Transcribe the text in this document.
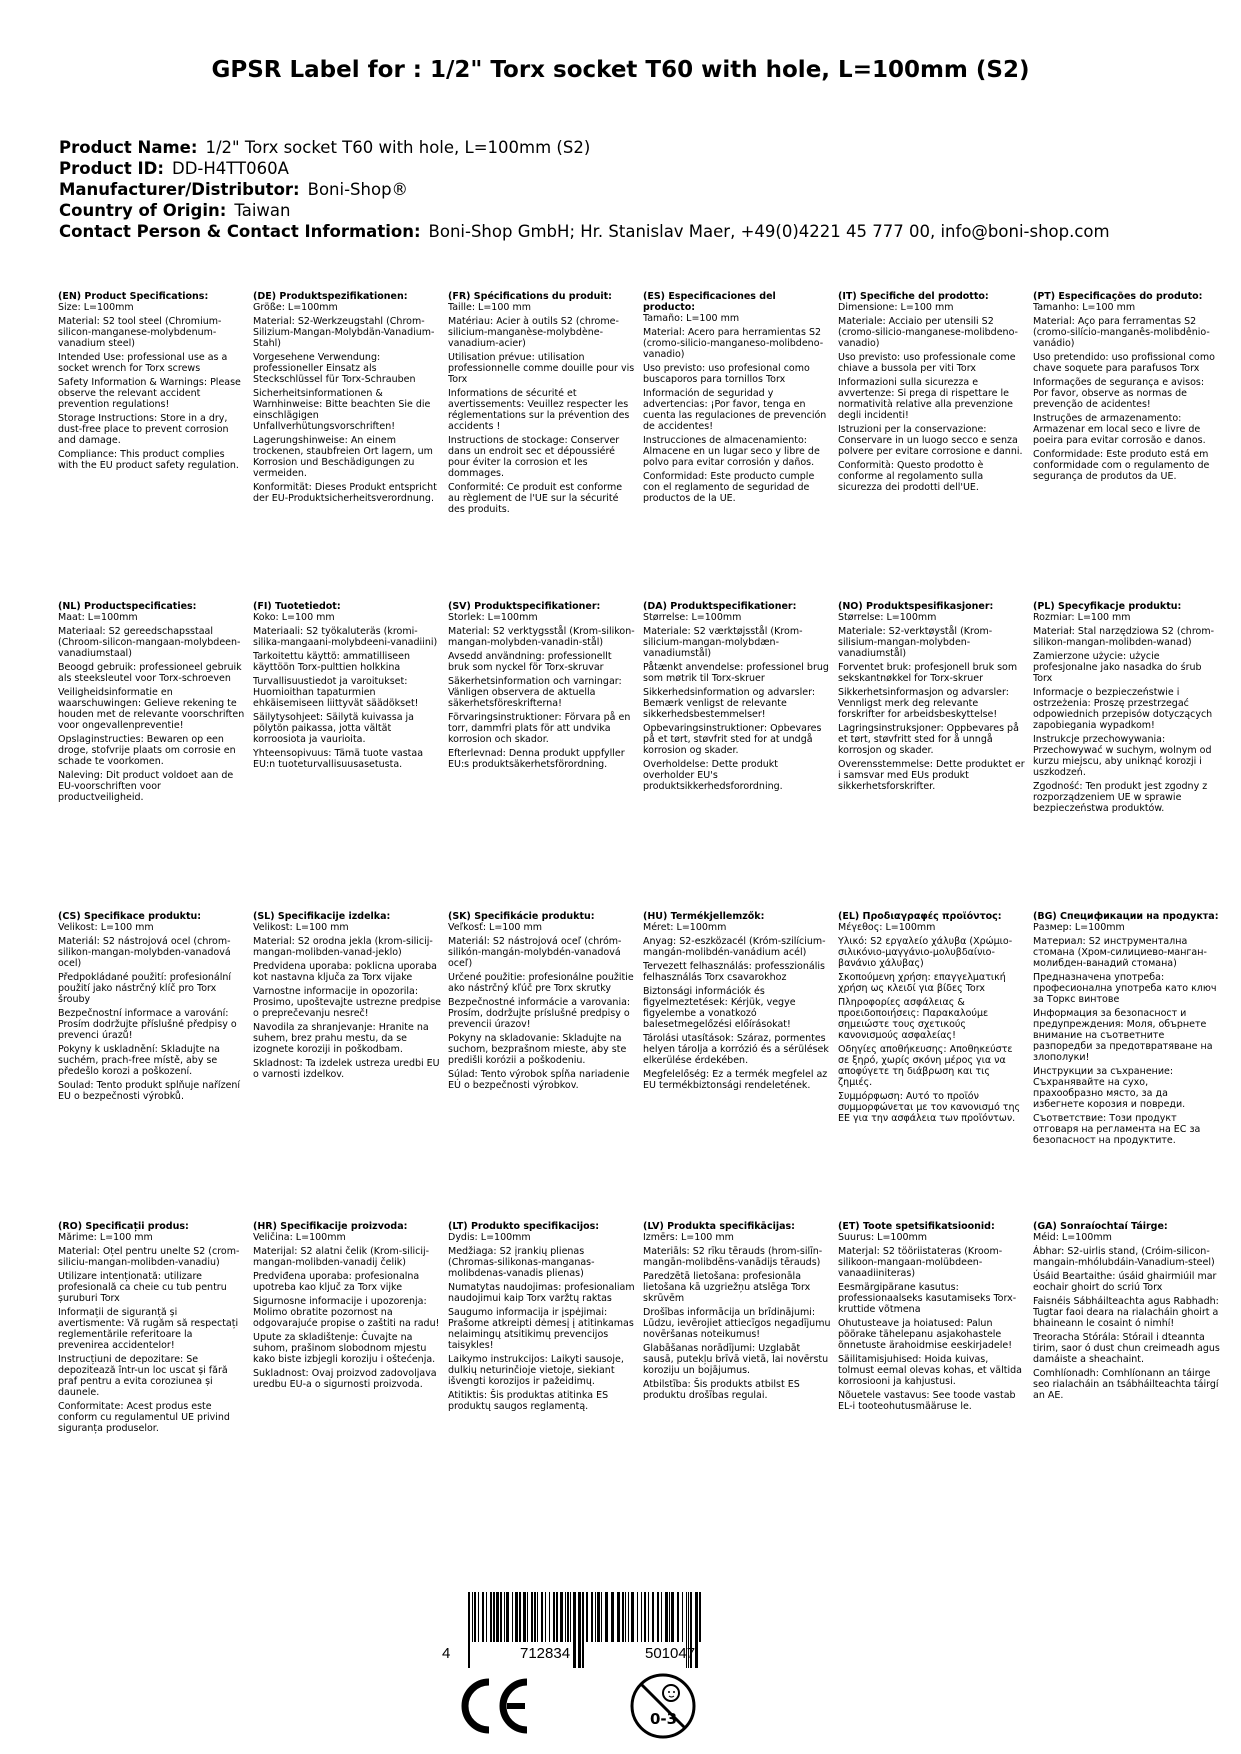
GPSR Label for : 1/2" Torx socket T60 with hole, L=100mm (S2)
Product Name: 1/2" Torx socket T60 with hole, L=100mm (S2)
Product ID: DD-H4TT060A
Manufacturer/Distributor: Boni-Shop®
Country of Origin: Taiwan
Contact Person & Contact Information: Boni-Shop GmbH; Hr. Stanislav Maer, +49(0)4221 45 777 00, info@boni-shop.com
(EN) Product Specifications:
Size: L=100mm
Material: S2 tool steel (Chromium-silicon-manganese-molybdenum-vanadium steel)
Intended Use: professional use as a socket wrench for Torx screws
Safety Information & Warnings: Please observe the relevant accident prevention regulations!
Storage Instructions: Store in a dry, dust-free place to prevent corrosion and damage.
Compliance: This product complies with the EU product safety regulation.
(DE) Produktspezifikationen:
Größe: L=100mm
Material: S2-Werkzeugstahl (Chrom-Silizium-Mangan-Molybdän-Vanadium-Stahl)
Vorgesehene Verwendung: professioneller Einsatz als Steckschlüssel für Torx-Schrauben
Sicherheitsinformationen & Warnhinweise: Bitte beachten Sie die einschlägigen Unfallverhütungsvorschriften!
Lagerungshinweise: An einem trockenen, staubfreien Ort lagern, um Korrosion und Beschädigungen zu vermeiden.
Konformität: Dieses Produkt entspricht der EU-Produktsicherheitsverordnung.
(FR) Spécifications du produit:
Taille: L=100 mm
Matériau: Acier à outils S2 (chrome-silicium-manganèse-molybdène-vanadium-acier)
Utilisation prévue: utilisation professionnelle comme douille pour vis Torx
Informations de sécurité et avertissements: Veuillez respecter les réglementations sur la prévention des accidents !
Instructions de stockage: Conserver dans un endroit sec et dépoussiéré pour éviter la corrosion et les dommages.
Conformité: Ce produit est conforme au règlement de l'UE sur la sécurité des produits.
(ES) Especificaciones del producto:
Tamaño: L=100 mm
Material: Acero para herramientas S2 (cromo-silicio-manganeso-molibdeno-vanadio)
Uso previsto: uso profesional como buscaporos para tornillos Torx
Información de seguridad y advertencias: ¡Por favor, tenga en cuenta las regulaciones de prevención de accidentes!
Instrucciones de almacenamiento: Almacene en un lugar seco y libre de polvo para evitar corrosión y daños.
Conformidad: Este producto cumple con el reglamento de seguridad de productos de la UE.
(IT) Specifiche del prodotto:
Dimensione: L=100 mm
Materiale: Acciaio per utensili S2 (cromo-silicio-manganese-molibdeno-vanadio)
Uso previsto: uso professionale come chiave a bussola per viti Torx
Informazioni sulla sicurezza e avvertenze: Si prega di rispettare le normatività relative alla prevenzione degli incidenti!
Istruzioni per la conservazione: Conservare in un luogo secco e senza polvere per evitare corrosione e danni.
Conformità: Questo prodotto è conforme al regolamento sulla sicurezza dei prodotti dell'UE.
(PT) Especificações do produto:
Tamanho: L=100 mm
Material: Aço para ferramentas S2 (cromo-silício-manganês-molibdênio-vanádio)
Uso pretendido: uso profissional como chave soquete para parafusos Torx
Informações de segurança e avisos: Por favor, observe as normas de prevenção de acidentes!
Instruções de armazenamento: Armazenar em local seco e livre de poeira para evitar corrosão e danos.
Conformidade: Este produto está em conformidade com o regulamento de segurança de produtos da UE.
(NL) Productspecificaties:
Maat: L=100mm
Materiaal: S2 gereedschapsstaal (Chroom-silicon-mangaan-molybdeen-vanadiumstaal)
Beoogd gebruik: professioneel gebruik als steeksleutel voor Torx-schroeven
Veiligheidsinformatie en waarschuwingen: Gelieve rekening te houden met de relevante voorschriften voor ongevallenpreventie!
Opslaginstructies: Bewaren op een droge, stofvrije plaats om corrosie en schade te voorkomen.
Naleving: Dit product voldoet aan de EU-voorschriften voor productveiligheid.
(FI) Tuotetiedot:
Koko: L=100 mm
Materiaali: S2 työkaluteräs (kromi-silika-mangaani-molybdeeni-vanadiini)
Tarkoitettu käyttö: ammatilliseen käyttöön Torx-pulttien holkkina
Turvallisuustiedot ja varoitukset: Huomioithan tapaturmien ehkäisemiseen liittyvät säädökset!
Säilytysohjeet: Säilytä kuivassa ja pölytön paikassa, jotta vältät korroosiota ja vaurioita.
Yhteensopivuus: Tämä tuote vastaa EU:n tuoteturvallisuusasetusta.
(SV) Produktspecifikationer:
Storlek: L=100mm
Material: S2 verktygsstål (Krom-silikon-mangan-molybden-vanadin-stål)
Avsedd användning: professionellt bruk som nyckel för Torx-skruvar
Säkerhetsinformation och varningar: Vänligen observera de aktuella säkerhetsföreskrifterna!
Förvaringsinstruktioner: Förvara på en torr, dammfri plats för att undvika korrosion och skador.
Efterlevnad: Denna produkt uppfyller EU:s produktsäkerhetsförordning.
(DA) Produktspecifikationer:
Størrelse: L=100mm
Materiale: S2 værktøjsstål (Krom-silicium-mangan-molybdæn-vanadiumstål)
Påtænkt anvendelse: professionel brug som møtrik til Torx-skruer
Sikkerhedsinformation og advarsler: Bemærk venligst de relevante sikkerhedsbestemmelser!
Opbevaringsinstruktioner: Opbevares på et tørt, støvfrit sted for at undgå korrosion og skader.
Overholdelse: Dette produkt overholder EU's produktsikkerhedsforordning.
(NO) Produktspesifikasjoner:
Størrelse: L=100mm
Materiale: S2-verktøystål (Krom-silisium-mangan-molybden-vanadiumstål)
Forventet bruk: profesjonell bruk som sekskantnøkkel for Torx-skruer
Sikkerhetsinformasjon og advarsler: Vennligst merk deg relevante forskrifter for arbeidsbeskyttelse!
Lagringsinstruksjoner: Oppbevares på et tørt, støvfritt sted for å unngå korrosjon og skader.
Overensstemmelse: Dette produktet er i samsvar med EUs produkt sikkerhetsforskrifter.
(PL) Specyfikacje produktu:
Rozmiar: L=100 mm
Materiał: Stal narzędziowa S2 (chrom-silikon-mangan-molibden-wanad)
Zamierzone użycie: użycie profesjonalne jako nasadka do śrub Torx
Informacje o bezpieczeństwie i ostrzeżenia: Proszę przestrzegać odpowiednich przepisów dotyczących zapobiegania wypadkom!
Instrukcje przechowywania: Przechowywać w suchym, wolnym od kurzu miejscu, aby uniknąć korozji i uszkodzeń.
Zgodność: Ten produkt jest zgodny z rozporządzeniem UE w sprawie bezpieczeństwa produktów.
(CS) Specifikace produktu:
Velikost: L=100 mm
Materiál: S2 nástrojová ocel (chrom-silikon-mangan-molybden-vanadová ocel)
Předpokládané použití: profesionální použití jako nástrčný klíč pro Torx šrouby
Bezpečnostní informace a varování: Prosím dodržujte příslušné předpisy o prevenci úrazů!
Pokyny k uskladnění: Skladujte na suchém, prach-free místě, aby se předešlo korozi a poškození.
Soulad: Tento produkt splňuje nařízení EU o bezpečnosti výrobků.
(SL) Specifikacije izdelka:
Velikost: L=100 mm
Material: S2 orodna jekla (krom-silicij-mangan-molibden-vanad-jeklo)
Predvidena uporaba: poklicna uporaba kot nastavna ključa za Torx vijake
Varnostne informacije in opozorila: Prosimo, upoštevajte ustrezne predpise o preprečevanju nesreč!
Navodila za shranjevanje: Hranite na suhem, brez prahu mestu, da se izognete koroziji in poškodbam.
Skladnost: Ta izdelek ustreza uredbi EU o varnosti izdelkov.
(SK) Špecifikácie produktu:
Veľkosť: L=100 mm
Materiál: S2 nástrojová oceľ (chróm-silikón-mangán-molybdén-vanadová oceľ)
Určené použitie: profesionálne použitie ako nástrčný kľúč pre Torx skrutky
Bezpečnostné informácie a varovania: Prosím, dodržujte príslušné predpisy o prevencii úrazov!
Pokyny na skladovanie: Skladujte na suchom, bezprašnom mieste, aby ste predišli korózii a poškodeniu.
Súlad: Tento výrobok spĺňa nariadenie EÚ o bezpečnosti výrobkov.
(HU) Termékjellemzők:
Méret: L=100mm
Anyag: S2-eszközacél (Króm-szilícium-mangán-molibdén-vanádium acél)
Tervezett felhasználás: professzionális felhasználás Torx csavarokhoz
Biztonsági információk és figyelmeztetések: Kérjük, vegye figyelembe a vonatkozó balesetmegelőzési előírásokat!
Tárolási utasítások: Száraz, pormentes helyen tárolja a korrózió és a sérülések elkerülése érdekében.
Megfelelőség: Ez a termék megfelel az EU termékbiztonsági rendeletének.
(EL) Προδιαγραφές προϊόντος:
Μέγεθος: L=100mm
Υλικό: S2 εργαλείο χάλυβα (Χρώμιο-σιλικόνιο-μαγγάνιο-μολυβδαίνιο-βανάνιο χάλυβας)
Σκοπούμενη χρήση: επαγγελματική χρήση ως κλειδί για βίδες Torx
Πληροφορίες ασφάλειας & προειδοποιήσεις: Παρακαλούμε σημειώστε τους σχετικούς κανονισμούς ασφαλείας!
Οδηγίες αποθήκευσης: Αποθηκεύστε σε ξηρό, χωρίς σκόνη μέρος για να αποφύγετε τη διάβρωση και τις ζημιές.
Συμμόρφωση: Αυτό το προϊόν συμμορφώνεται με τον κανονισμό της ΕΕ για την ασφάλεια των προϊόντων.
(BG) Спецификации на продукта:
Размер: L=100mm
Материал: S2 инструментална стомана (Хром-силициево-манган-молибден-ванадий стомана)
Предназначена употреба: професионална употреба като ключ за Торкс винтове
Информация за безопасност и предупреждения: Моля, обърнете внимание на съответните разпоредби за предотвратяване на злополуки!
Инструкции за съхранение: Съхранявайте на сухо, прахообразно място, за да избегнете корозия и повреди.
Съответствие: Този продукт отговаря на регламента на ЕС за безопасност на продуктите.
(RO) Specificații produs:
Mărime: L=100 mm
Material: Oțel pentru unelte S2 (crom-siliciu-mangan-molibden-vanadiu)
Utilizare intenționată: utilizare profesională ca cheie cu tub pentru șuruburi Torx
Informații de siguranță și avertismente: Vă rugăm să respectați reglementările referitoare la prevenirea accidentelor!
Instrucțiuni de depozitare: Se depozitează într-un loc uscat și fără praf pentru a evita coroziunea și daunele.
Conformitate: Acest produs este conform cu regulamentul UE privind siguranța produselor.
(HR) Specifikacije proizvoda:
Veličina: L=100mm
Materijal: S2 alatni čelik (Krom-silicij-mangan-molibden-vanadij čelik)
Predviđena uporaba: profesionalna upotreba kao ključ za Torx vijke
Sigurnosne informacije i upozorenja: Molimo obratite pozornost na odgovarajuće propise o zaštiti na radu!
Upute za skladištenje: Čuvajte na suhom, prašinom slobodnom mjestu kako biste izbjegli koroziju i oštećenja.
Sukladnost: Ovaj proizvod zadovoljava uredbu EU-a o sigurnosti proizvoda.
(LT) Produkto specifikacijos:
Dydis: L=100mm
Medžiaga: S2 įrankių plienas (Chromas-silikonas-manganas-molibdenas-vanadis plienas)
Numatytas naudojimas: profesionaliam naudojimui kaip Torx varžtų raktas
Saugumo informacija ir įspėjimai: Prašome atkreipti dėmesį į atitinkamas nelaimingų atsitikimų prevencijos taisykles!
Laikymo instrukcijos: Laikyti sausoje, dulkių neturinčioje vietoje, siekiant išvengti korozijos ir pažeidimų.
Atitiktis: Šis produktas atitinka ES produktų saugos reglamentą.
(LV) Produkta specifikācijas:
Izmērs: L=100 mm
Materiāls: S2 rīku tērauds (hrom-silīn-mangān-molibdēns-vanādijs tērauds)
Paredzētā lietošana: profesionāla lietošana kā uzgriežņu atslēga Torx skrūvēm
Drošības informācija un brīdinājumi: Lūdzu, ievērojiet attiecīgos negadījumu novēršanas noteikumus!
Glabāšanas norādījumi: Uzglabāt sausā, putekļu brīvā vietā, lai novērstu koroziju un bojājumus.
Atbilstība: Šis produkts atbilst ES produktu drošības regulai.
(ET) Toote spetsifikatsioonid:
Suurus: L=100mm
Materjal: S2 tööriistateras (Kroom-silikoon-mangaan-molübdeen-vanaadiiniteras)
Eesmärgipärane kasutus: professionaalseks kasutamiseks Torx-kruttide võtmena
Ohutusteave ja hoiatused: Palun pöörake tähelepanu asjakohastele õnnetuste ärahoidmise eeskirjadele!
Säilitamisjuhised: Hoida kuivas, tolmust eemal olevas kohas, et vältida korrosiooni ja kahjustusi.
Nõuetele vastavus: See toode vastab EL-i tooteohutusmääruse le.
(GA) Sonraíochtaí Táirge:
Méid: L=100mm
Ábhar: S2-uirlis stand, (Cróim-silicon-mangain-mhólubdáin-Vanadium-steel)
Úsáid Beartaithe: úsáid ghairmiúil mar eochair ghoirt do scriú Torx
Faisnéis Sábháilteachta agus Rabhadh: Tugtar faoi deara na rialacháin ghoirt a bhaineann le cosaint ó nimhí!
Treoracha Stórála: Stórail i dteannta tirim, saor ó dust chun creimeadh agus damáiste a sheachaint.
Comhlíonadh: Comhlíonann an táirge seo rialacháin an tsábháilteachta táirgí an AE.
4	712834	501047
0-3
